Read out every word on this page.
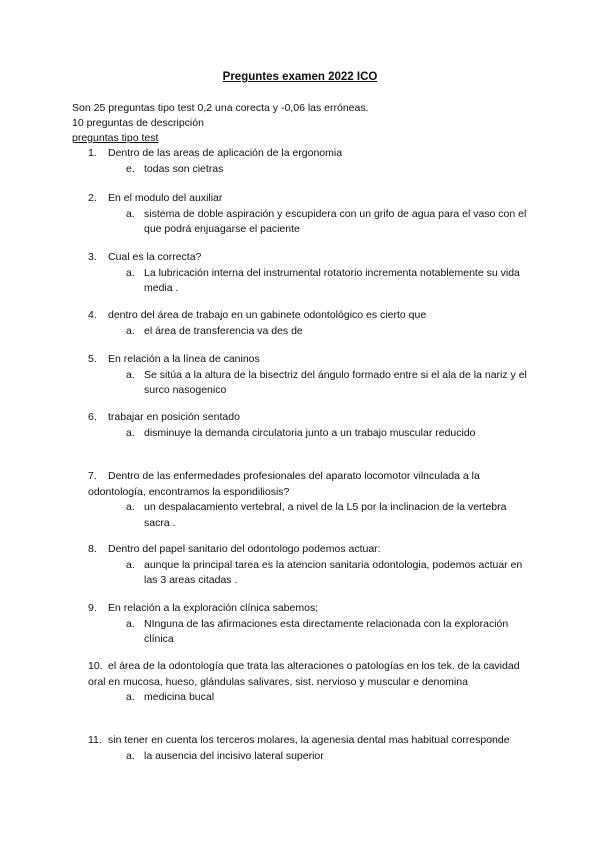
Preguntes examen 2022 ICO
Son 25 preguntas tipo test 0,2 una corecta y -0,06 las erróneas.
10 preguntas de descripción
preguntas tipo test
1.	Dentro de las areas de aplicación de la ergonomia
e. todas son cietras
2.	En el modulo del auxiliar
a. sistema de doble aspiración y escupidera con un grifo de agua para el vaso con el que podrá enjuagarse el paciente
3.	Cual es la correcta?
a. La lubricación interna del instrumental rotatorio incrementa notablemente su vida media .
4.	dentro del área de trabajo en un gabinete odontológico es cierto que
a. el área de transferencia va des de
5.	En relación a la línea de caninos
a. Se sitúa a la altura de la bisectriz del ángulo formado entre si el ala de la nariz y el surco nasogenico
6.	trabajar en posición sentado
a. disminuye la demanda circulatoria junto a un trabajo muscular reducido
7.	Dentro de las enfermedades profesionales del aparato locomotor vilnculada a la odontología, encontramos la espondiliosis?
a. un despalacamiento vertebral, a nivel de la L5 por la inclinacion de la vertebra sacra .
8.	Dentro del papel sanitario del odontologo podemos actuar:
a. aunque la principal tarea es la atencion sanitaria odontologia, podemos actuar en las 3 areas citadas .
9.	En relación a la exploración clínica sabemos;
a. NInguna de las afirmaciones esta directamente relacionada con la exploración clínica
10. el área de la odontología que trata las alteraciones o patologías en los tek. de la cavidad oral en mucosa, hueso, glándulas salivares, sist. nervioso y muscular e denomina
a. medicina bucal
11. sin tener en cuenta los terceros molares, la agenesia dental mas habitual corresponde
a. la ausencia del incisivo lateral superior
